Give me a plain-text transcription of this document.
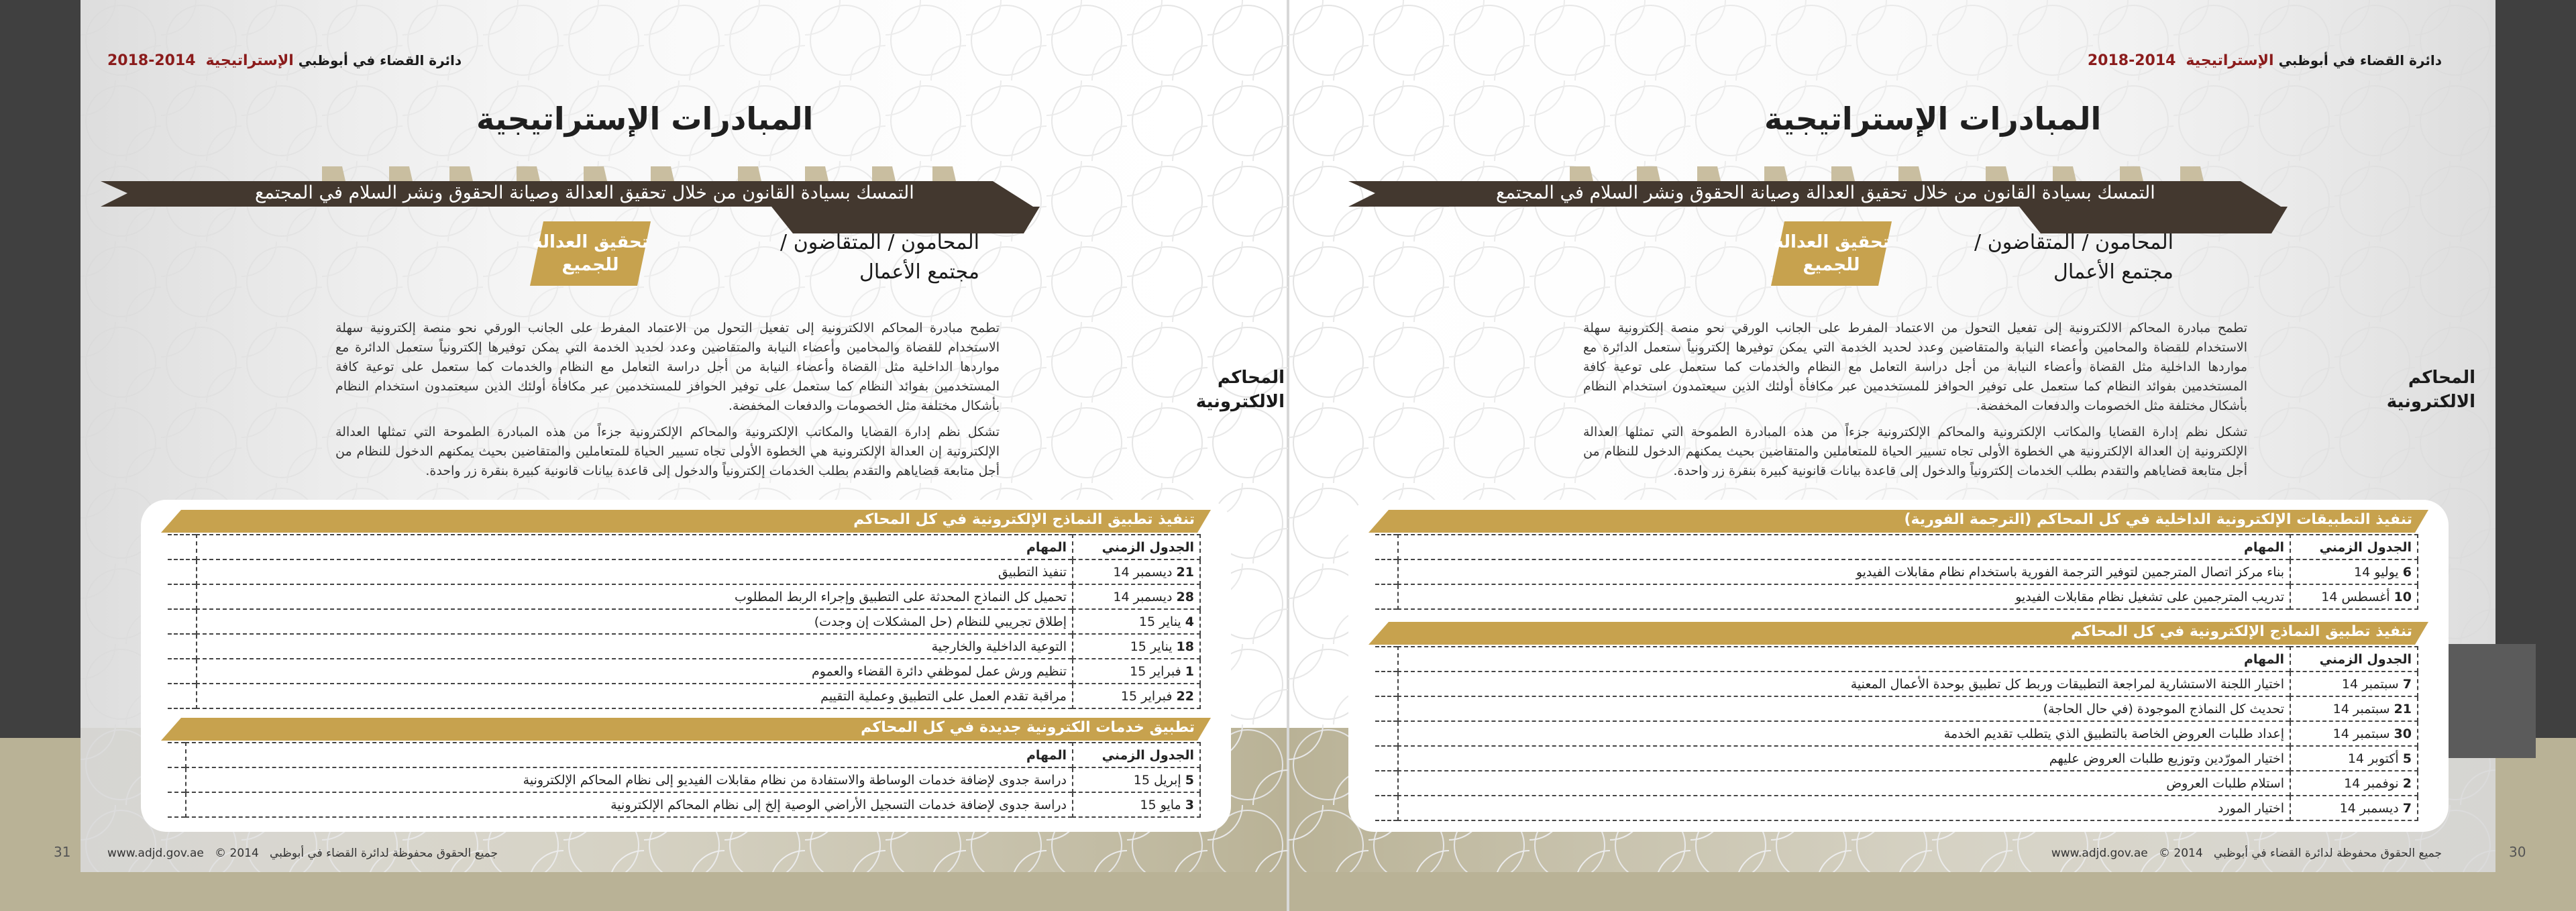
دائرة القضاء في أبوظبي الإستراتيجية 2014-2018
المبادرات الإستراتيجية
التمسك بسيادة القانون من خلال تحقيق العدالة وصيانة الحقوق ونشر السلام في المجتمع
تحقيق العدالة
للجميع
المحامون / المتقاضون /
مجتمع الأعمال
المحاكم
الالكترونية
تطمح مبادرة المحاكم الالكترونية إلى تفعيل التحول من الاعتماد المفرط على الجانب الورقي نحو منصة إلكترونية سهلة الاستخدام للقضاة والمحامين وأعضاء النيابة والمتقاضين وعدد لحديد الخدمة التي يمكن توفيرها إلكترونياً ستعمل الدائرة مع مواردها الداخلية مثل القضاة وأعضاء النيابة من أجل دراسة التعامل مع النظام والخدمات كما ستعمل على توعية كافة المستخدمين بفوائد النظام كما ستعمل على توفير الحوافز للمستخدمين عبر مكافأة أولئك الذين سيعتمدون استخدام النظام بأشكال مختلفة مثل الخصومات والدفعات المخفضة.
تشكل نظم إدارة القضايا والمكاتب الإلكترونية والمحاكم الإلكترونية جزءاً من هذه المبادرة الطموحة التي تمثلها العدالة الإلكترونية إن العدالة الإلكترونية هي الخطوة الأولى تجاه تسيير الحياة للمتعاملين والمتقاضين بحيث يمكنهم الدخول للنظام من أجل متابعة قضاياهم والتقدم بطلب الخدمات إلكترونياً والدخول إلى قاعدة بيانات قانونية كبيرة بنقرة زر واحدة.
تنفيذ تطبيق النماذج الإلكترونية في كل المحاكم
الجدول الزمني	المهام	
21 ديسمبر 14	تنفيذ التطبيق	
28 ديسمبر 14	تحميل كل النماذج المحدثة على التطبيق وإجراء الربط المطلوب	
4 يناير 15	إطلاق تجريبي للنظام (حل المشكلات إن وجدت)	
18 يناير 15	التوعية الداخلية والخارجية	
1 فبراير 15	تنظيم ورش عمل لموظفي دائرة القضاء والعموم	
22 فبراير 15	مراقبة تقدم العمل على التطبيق وعملية التقييم	
تطبيق خدمات الكترونية جديدة في كل المحاكم
الجدول الزمني	المهام	
5 إبريل 15	دراسة جدوى لإضافة خدمات الوساطة والاستفادة من نظام مقابلات الفيديو إلى نظام المحاكم الإلكترونية	
3 مايو 15	دراسة جدوى لإضافة خدمات التسجيل الأراضي الوصية إلخ إلى نظام المحاكم الإلكترونية	
جميع الحقوق محفوظة لدائرة القضاء في أبوظبي   www.adjd.gov.ae © 2014
31
دائرة القضاء في أبوظبي الإستراتيجية 2014-2018
المبادرات الإستراتيجية
التمسك بسيادة القانون من خلال تحقيق العدالة وصيانة الحقوق ونشر السلام في المجتمع
تحقيق العدالة
للجميع
المحامون / المتقاضون /
مجتمع الأعمال
المحاكم
الالكترونية
تطمح مبادرة المحاكم الالكترونية إلى تفعيل التحول من الاعتماد المفرط على الجانب الورقي نحو منصة إلكترونية سهلة الاستخدام للقضاة والمحامين وأعضاء النيابة والمتقاضين وعدد لحديد الخدمة التي يمكن توفيرها إلكترونياً ستعمل الدائرة مع مواردها الداخلية مثل القضاة وأعضاء النيابة من أجل دراسة التعامل مع النظام والخدمات كما ستعمل على توعية كافة المستخدمين بفوائد النظام كما ستعمل على توفير الحوافز للمستخدمين عبر مكافأة أولئك الذين سيعتمدون استخدام النظام بأشكال مختلفة مثل الخصومات والدفعات المخفضة.
تشكل نظم إدارة القضايا والمكاتب الإلكترونية والمحاكم الإلكترونية جزءاً من هذه المبادرة الطموحة التي تمثلها العدالة الإلكترونية إن العدالة الإلكترونية هي الخطوة الأولى تجاه تسيير الحياة للمتعاملين والمتقاضين بحيث يمكنهم الدخول للنظام من أجل متابعة قضاياهم والتقدم بطلب الخدمات إلكترونياً والدخول إلى قاعدة بيانات قانونية كبيرة بنقرة زر واحدة.
تنفيذ التطبيقات الإلكترونية الداخلية في كل المحاكم (الترجمة الفورية)
الجدول الزمني	المهام	
6 يوليو 14	بناء مركز اتصال المترجمين لتوفير الترجمة الفورية باستخدام نظام مقابلات الفيديو	
10 أغسطس 14	تدريب المترجمين على تشغيل نظام مقابلات الفيديو	
تنفيذ تطبيق النماذج الإلكترونية في كل المحاكم
الجدول الزمني	المهام	
7 سبتمبر 14	اختيار اللجنة الاستشارية لمراجعة التطبيقات وربط كل تطبيق بوحدة الأعمال المعنية	
21 سبتمبر 14	تحديث كل النماذج الموجودة (في حال الحاجة)	
30 سبتمبر 14	إعداد طلبات العروض الخاصة بالتطبيق الذي يتطلب تقديم الخدمة	
5 أكتوبر 14	اختيار المورّدين وتوزيع طلبات العروض عليهم	
2 نوفمبر 14	استلام طلبات العروض	
7 ديسمبر 14	اختيار المورد	
جميع الحقوق محفوظة لدائرة القضاء في أبوظبي   www.adjd.gov.ae © 2014	30
